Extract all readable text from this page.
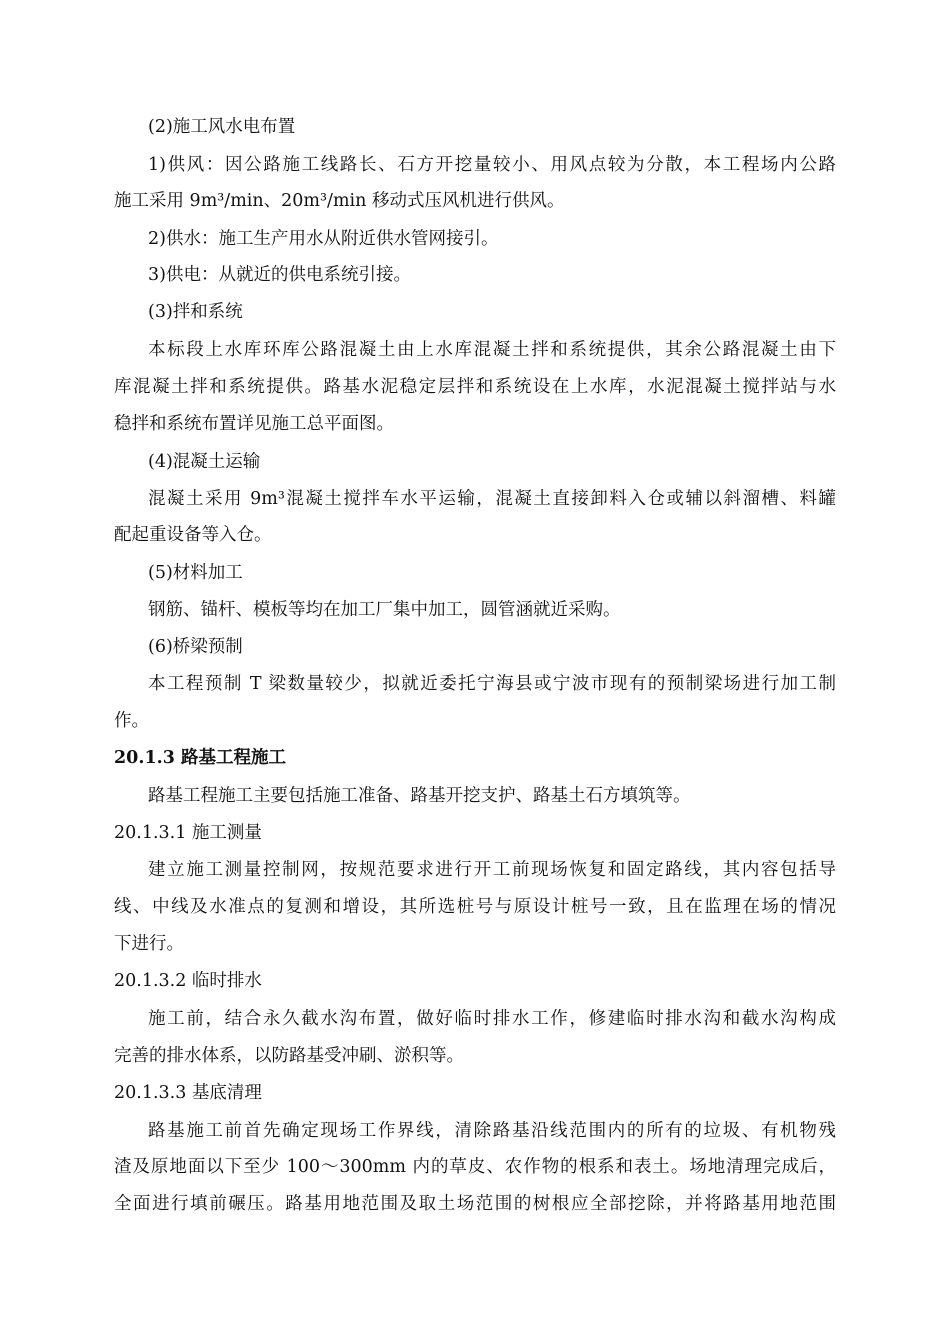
(2)施工风水电布置
1)供风：因公路施工线路长、石方开挖量较小、用风点较为分散，本工程场内公路
施工采用 9m³/min、20m³/min 移动式压风机进行供风。
2)供水：施工生产用水从附近供水管网接引。
3)供电：从就近的供电系统引接。
(3)拌和系统
本标段上水库环库公路混凝土由上水库混凝土拌和系统提供，其余公路混凝土由下
库混凝土拌和系统提供。路基水泥稳定层拌和系统设在上水库，水泥混凝土搅拌站与水
稳拌和系统布置详见施工总平面图。
(4)混凝土运输
混凝土采用 9m³混凝土搅拌车水平运输，混凝土直接卸料入仓或辅以斜溜槽、料罐
配起重设备等入仓。
(5)材料加工
钢筋、锚杆、模板等均在加工厂集中加工，圆管涵就近采购。
(6)桥梁预制
本工程预制 T 梁数量较少，拟就近委托宁海县或宁波市现有的预制梁场进行加工制
作。
20.1.3 路基工程施工
路基工程施工主要包括施工准备、路基开挖支护、路基土石方填筑等。
20.1.3.1 施工测量
建立施工测量控制网，按规范要求进行开工前现场恢复和固定路线，其内容包括导
线、中线及水准点的复测和增设，其所选桩号与原设计桩号一致，且在监理在场的情况
下进行。
20.1.3.2 临时排水
施工前，结合永久截水沟布置，做好临时排水工作，修建临时排水沟和截水沟构成
完善的排水体系，以防路基受冲刷、淤积等。
20.1.3.3 基底清理
路基施工前首先确定现场工作界线，清除路基沿线范围内的所有的垃圾、有机物残
渣及原地面以下至少 100～300mm 内的草皮、农作物的根系和表土。场地清理完成后，
全面进行填前碾压。路基用地范围及取土场范围的树根应全部挖除，并将路基用地范围
